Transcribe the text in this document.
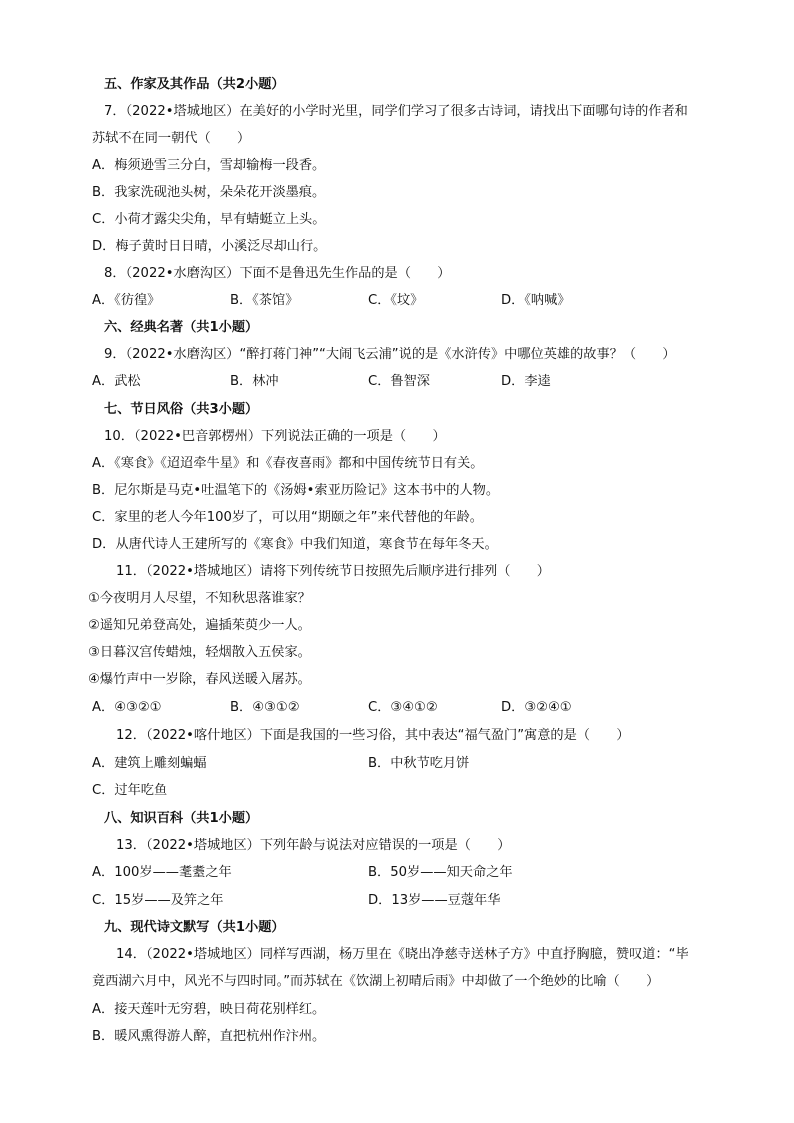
五、作家及其作品（共2小题）
7．（2022•塔城地区）在美好的小学时光里，同学们学习了很多古诗词，请找出下面哪句诗的作者和
苏轼不在同一朝代（　　）
A．梅须逊雪三分白，雪却输梅一段香。
B．我家洗砚池头树，朵朵花开淡墨痕。
C．小荷才露尖尖角，早有蜻蜓立上头。
D．梅子黄时日日晴，小溪泛尽却山行。
8．（2022•水磨沟区）下面不是鲁迅先生作品的是（　　）
A．《彷徨》	B．《茶馆》	C．《坟》	D．《呐喊》
六、经典名著（共1小题）
9．（2022•水磨沟区）“醉打蒋门神”“大闹飞云浦”说的是《水浒传》中哪位英雄的故事？（　　）
A．武松	B．林冲	C．鲁智深	D．李逵
七、节日风俗（共3小题）
10．（2022•巴音郭楞州）下列说法正确的一项是（　　）
A．《寒食》《迢迢牵牛星》和《春夜喜雨》都和中国传统节日有关。
B．尼尔斯是马克•吐温笔下的《汤姆•索亚历险记》这本书中的人物。
C．家里的老人今年100岁了，可以用“期颐之年”来代替他的年龄。
D．从唐代诗人王建所写的《寒食》中我们知道，寒食节在每年冬天。
11．（2022•塔城地区）请将下列传统节日按照先后顺序进行排列（　　）
①今夜明月人尽望，不知秋思落谁家？
②遥知兄弟登高处，遍插茱萸少一人。
③日暮汉宫传蜡烛，轻烟散入五侯家。
④爆竹声中一岁除，春风送暖入屠苏。
A．④③②①	B．④③①②	C．③④①②	D．③②④①
12．（2022•喀什地区）下面是我国的一些习俗，其中表达“福气盈门”寓意的是（　　）
A．建筑上雕刻蝙蝠	B．中秋节吃月饼
C．过年吃鱼
八、知识百科（共1小题）
13．（2022•塔城地区）下列年龄与说法对应错误的一项是（　　）
A．100岁——耄耋之年	B．50岁——知天命之年
C．15岁——及笄之年	D．13岁——豆蔻年华
九、现代诗文默写（共1小题）
14．（2022•塔城地区）同样写西湖，杨万里在《晓出净慈寺送林子方》中直抒胸臆，赞叹道：“毕
竟西湖六月中，风光不与四时同。”而苏轼在《饮湖上初晴后雨》中却做了一个绝妙的比喻（　　）
A．接天莲叶无穷碧，映日荷花别样红。
B．暖风熏得游人醉，直把杭州作汴州。
